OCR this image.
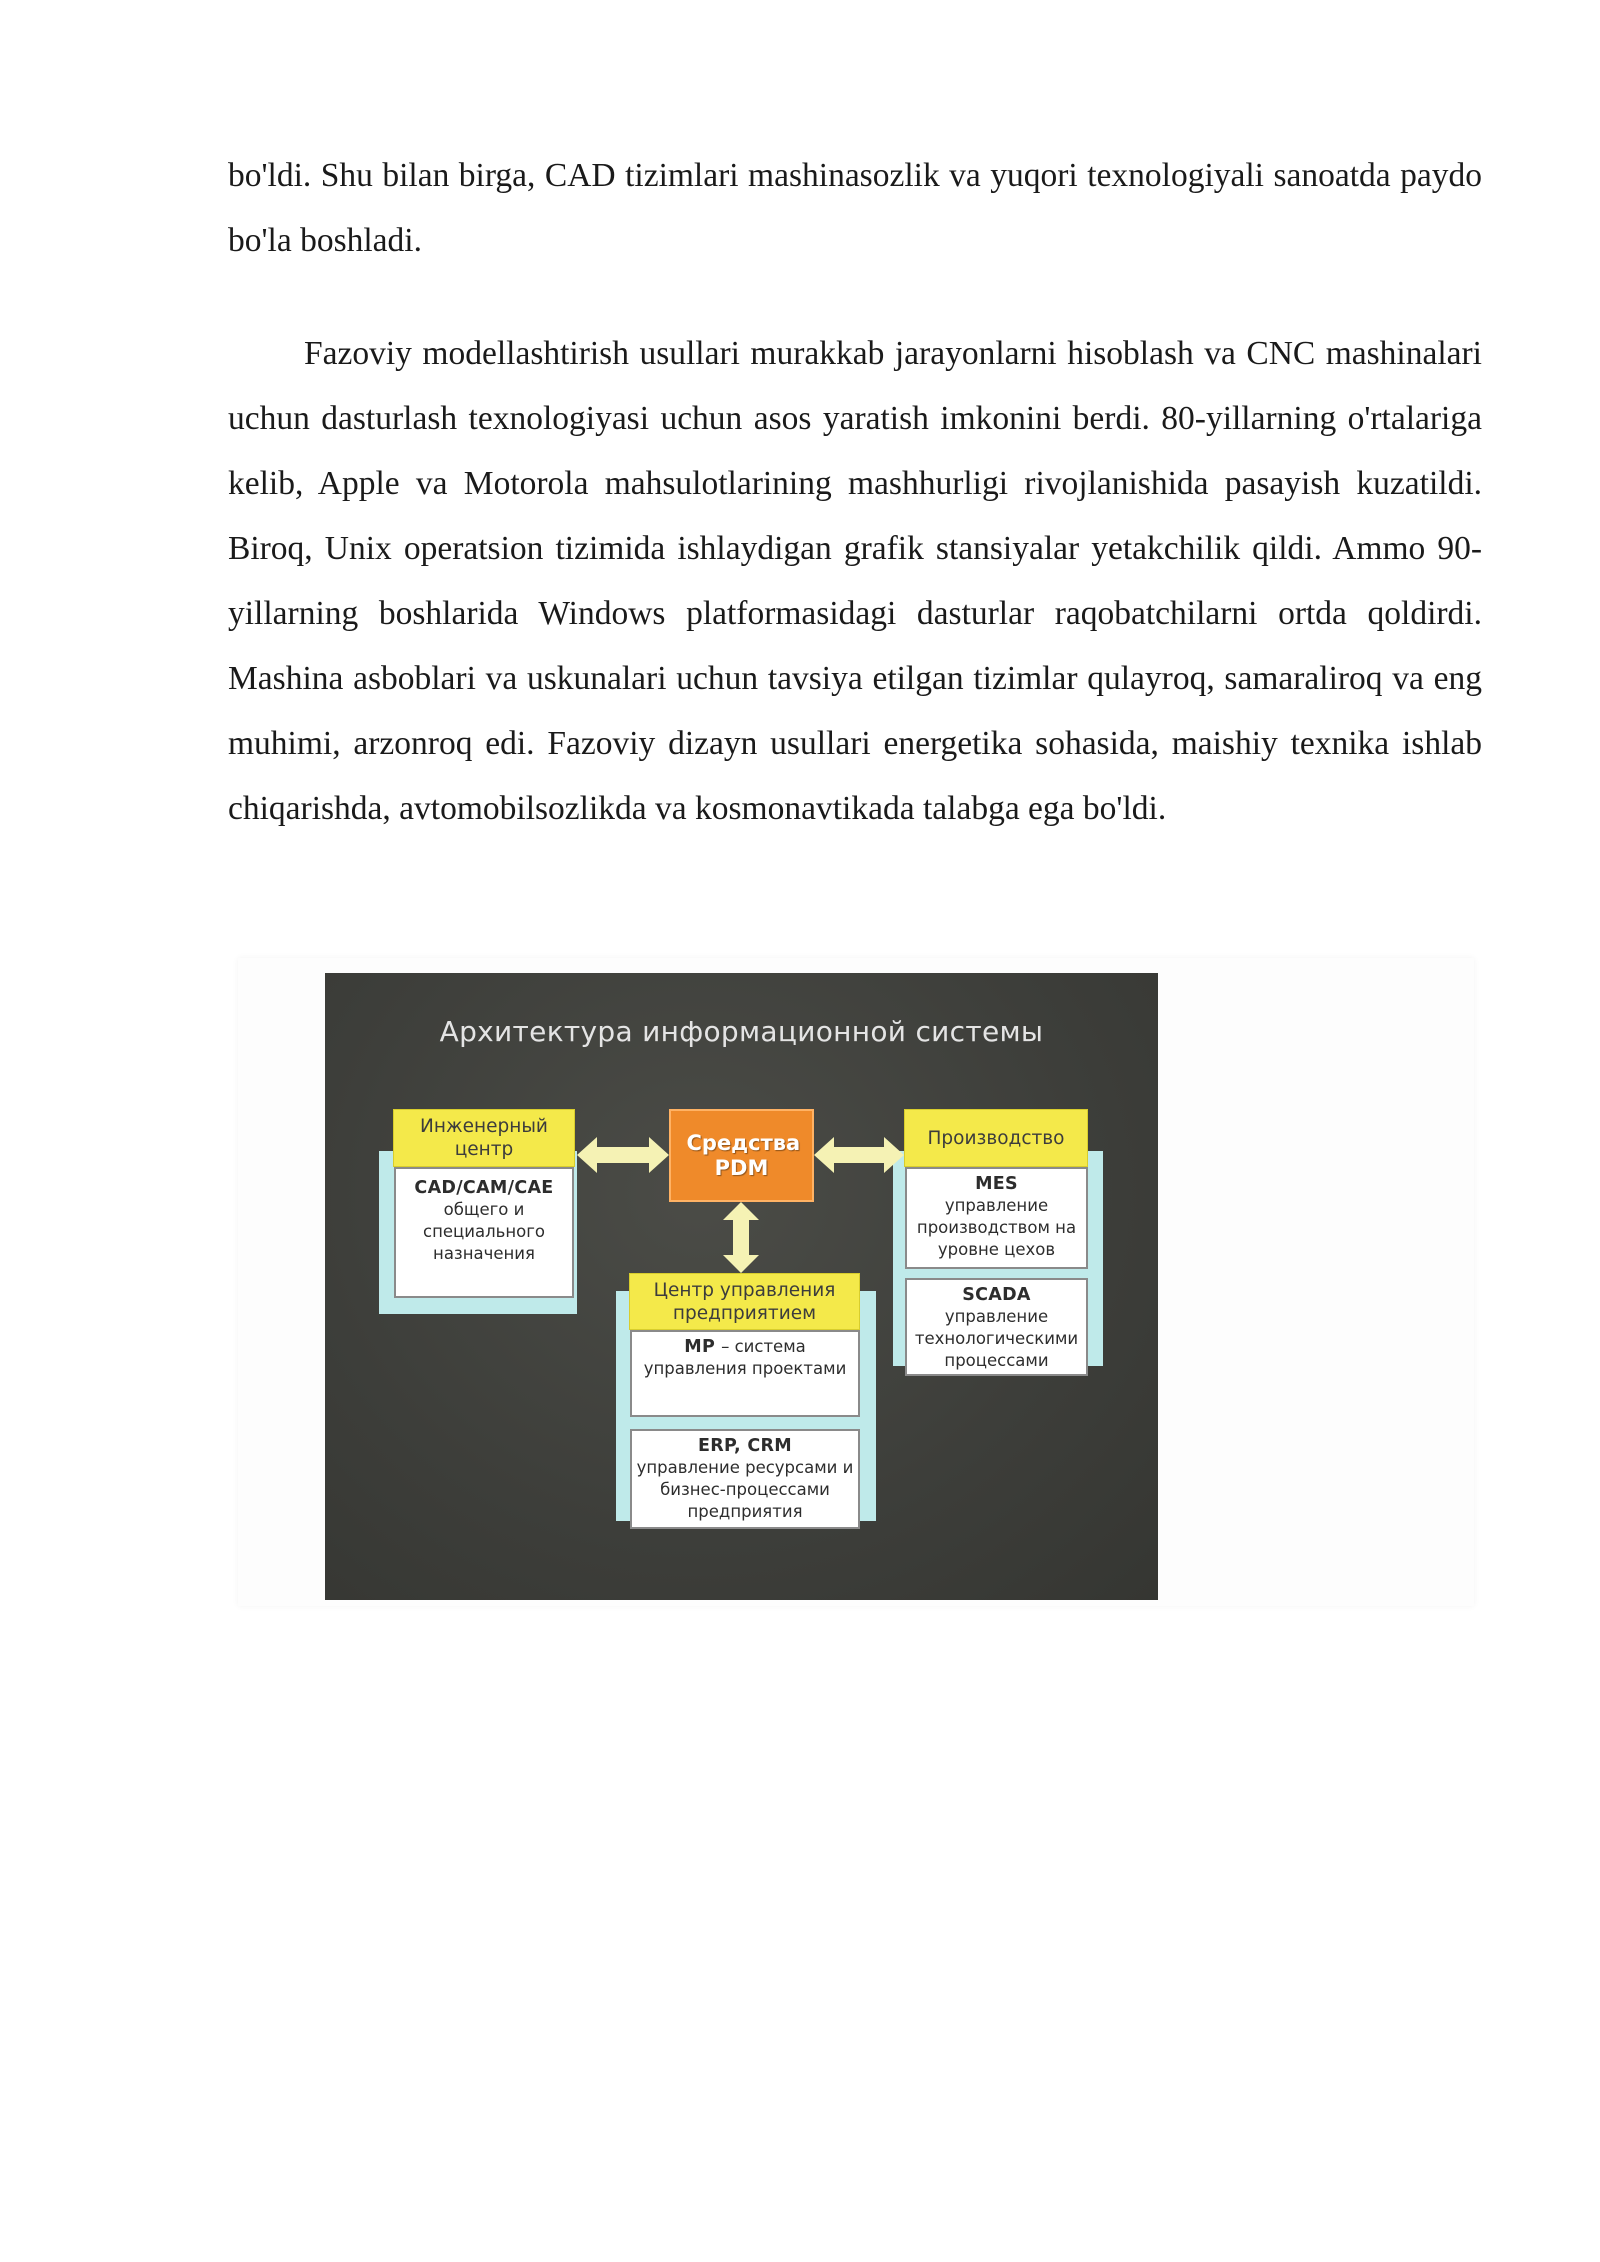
bo'ldi. Shu bilan birga, CAD tizimlari mashinasozlik va yuqori texnologiyali sanoatda paydo bo'la boshladi.

Fazoviy modellashtirish usullari murakkab jarayonlarni hisoblash va CNC mashinalari uchun dasturlash texnologiyasi uchun asos yaratish imkonini berdi. 80-yillarning o'rtalariga kelib, Apple va Motorola mahsulotlarining mashhurligi rivojlanishida pasayish kuzatildi. Biroq, Unix operatsion tizimida ishlaydigan grafik stansiyalar yetakchilik qildi. Ammo 90-yillarning boshlarida Windows platformasidagi dasturlar raqobatchilarni ortda qoldirdi. Mashina asboblari va uskunalari uchun tavsiya etilgan tizimlar qulayroq, samaraliroq va eng muhimi, arzonroq edi. Fazoviy dizayn usullari energetika sohasida, maishiy texnika ishlab chiqarishda, avtomobilsozlikda va kosmonavtikada talabga ega bo'ldi.

Архитектура информационной системы
Инженерный центр
CAD/CAM/CAE
общего и специального назначения
Средства PDM
Производство
MES
управление производством на уровне цехов
SCADA
управление технологическими процессами
Центр управления предприятием
MP – система управления проектами
ERP, CRM
управление ресурсами и бизнес-процессами предприятия
